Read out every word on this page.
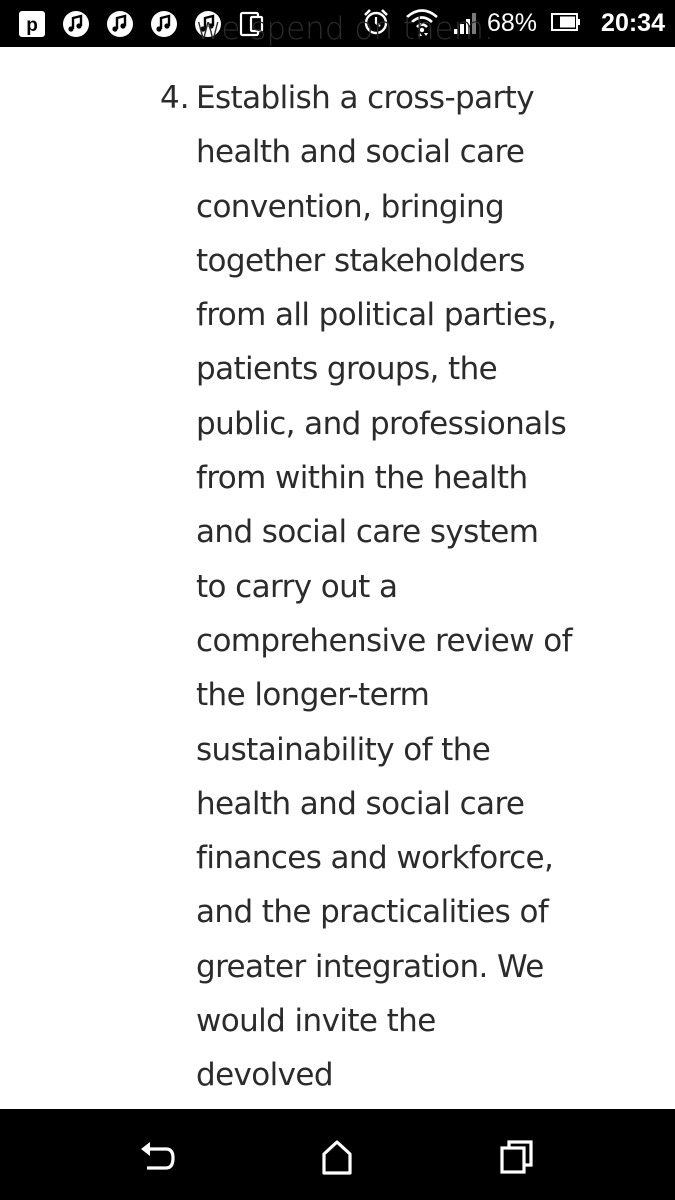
p	68%	20:34
we spend on them.
4. Establish a cross-party
health and social care
convention, bringing
together stakeholders
from all political parties,
patients groups, the
public, and professionals
from within the health
and social care system
to carry out a
comprehensive review of
the longer-term
sustainability of the
health and social care
finances and workforce,
and the practicalities of
greater integration. We
would invite the
devolved
